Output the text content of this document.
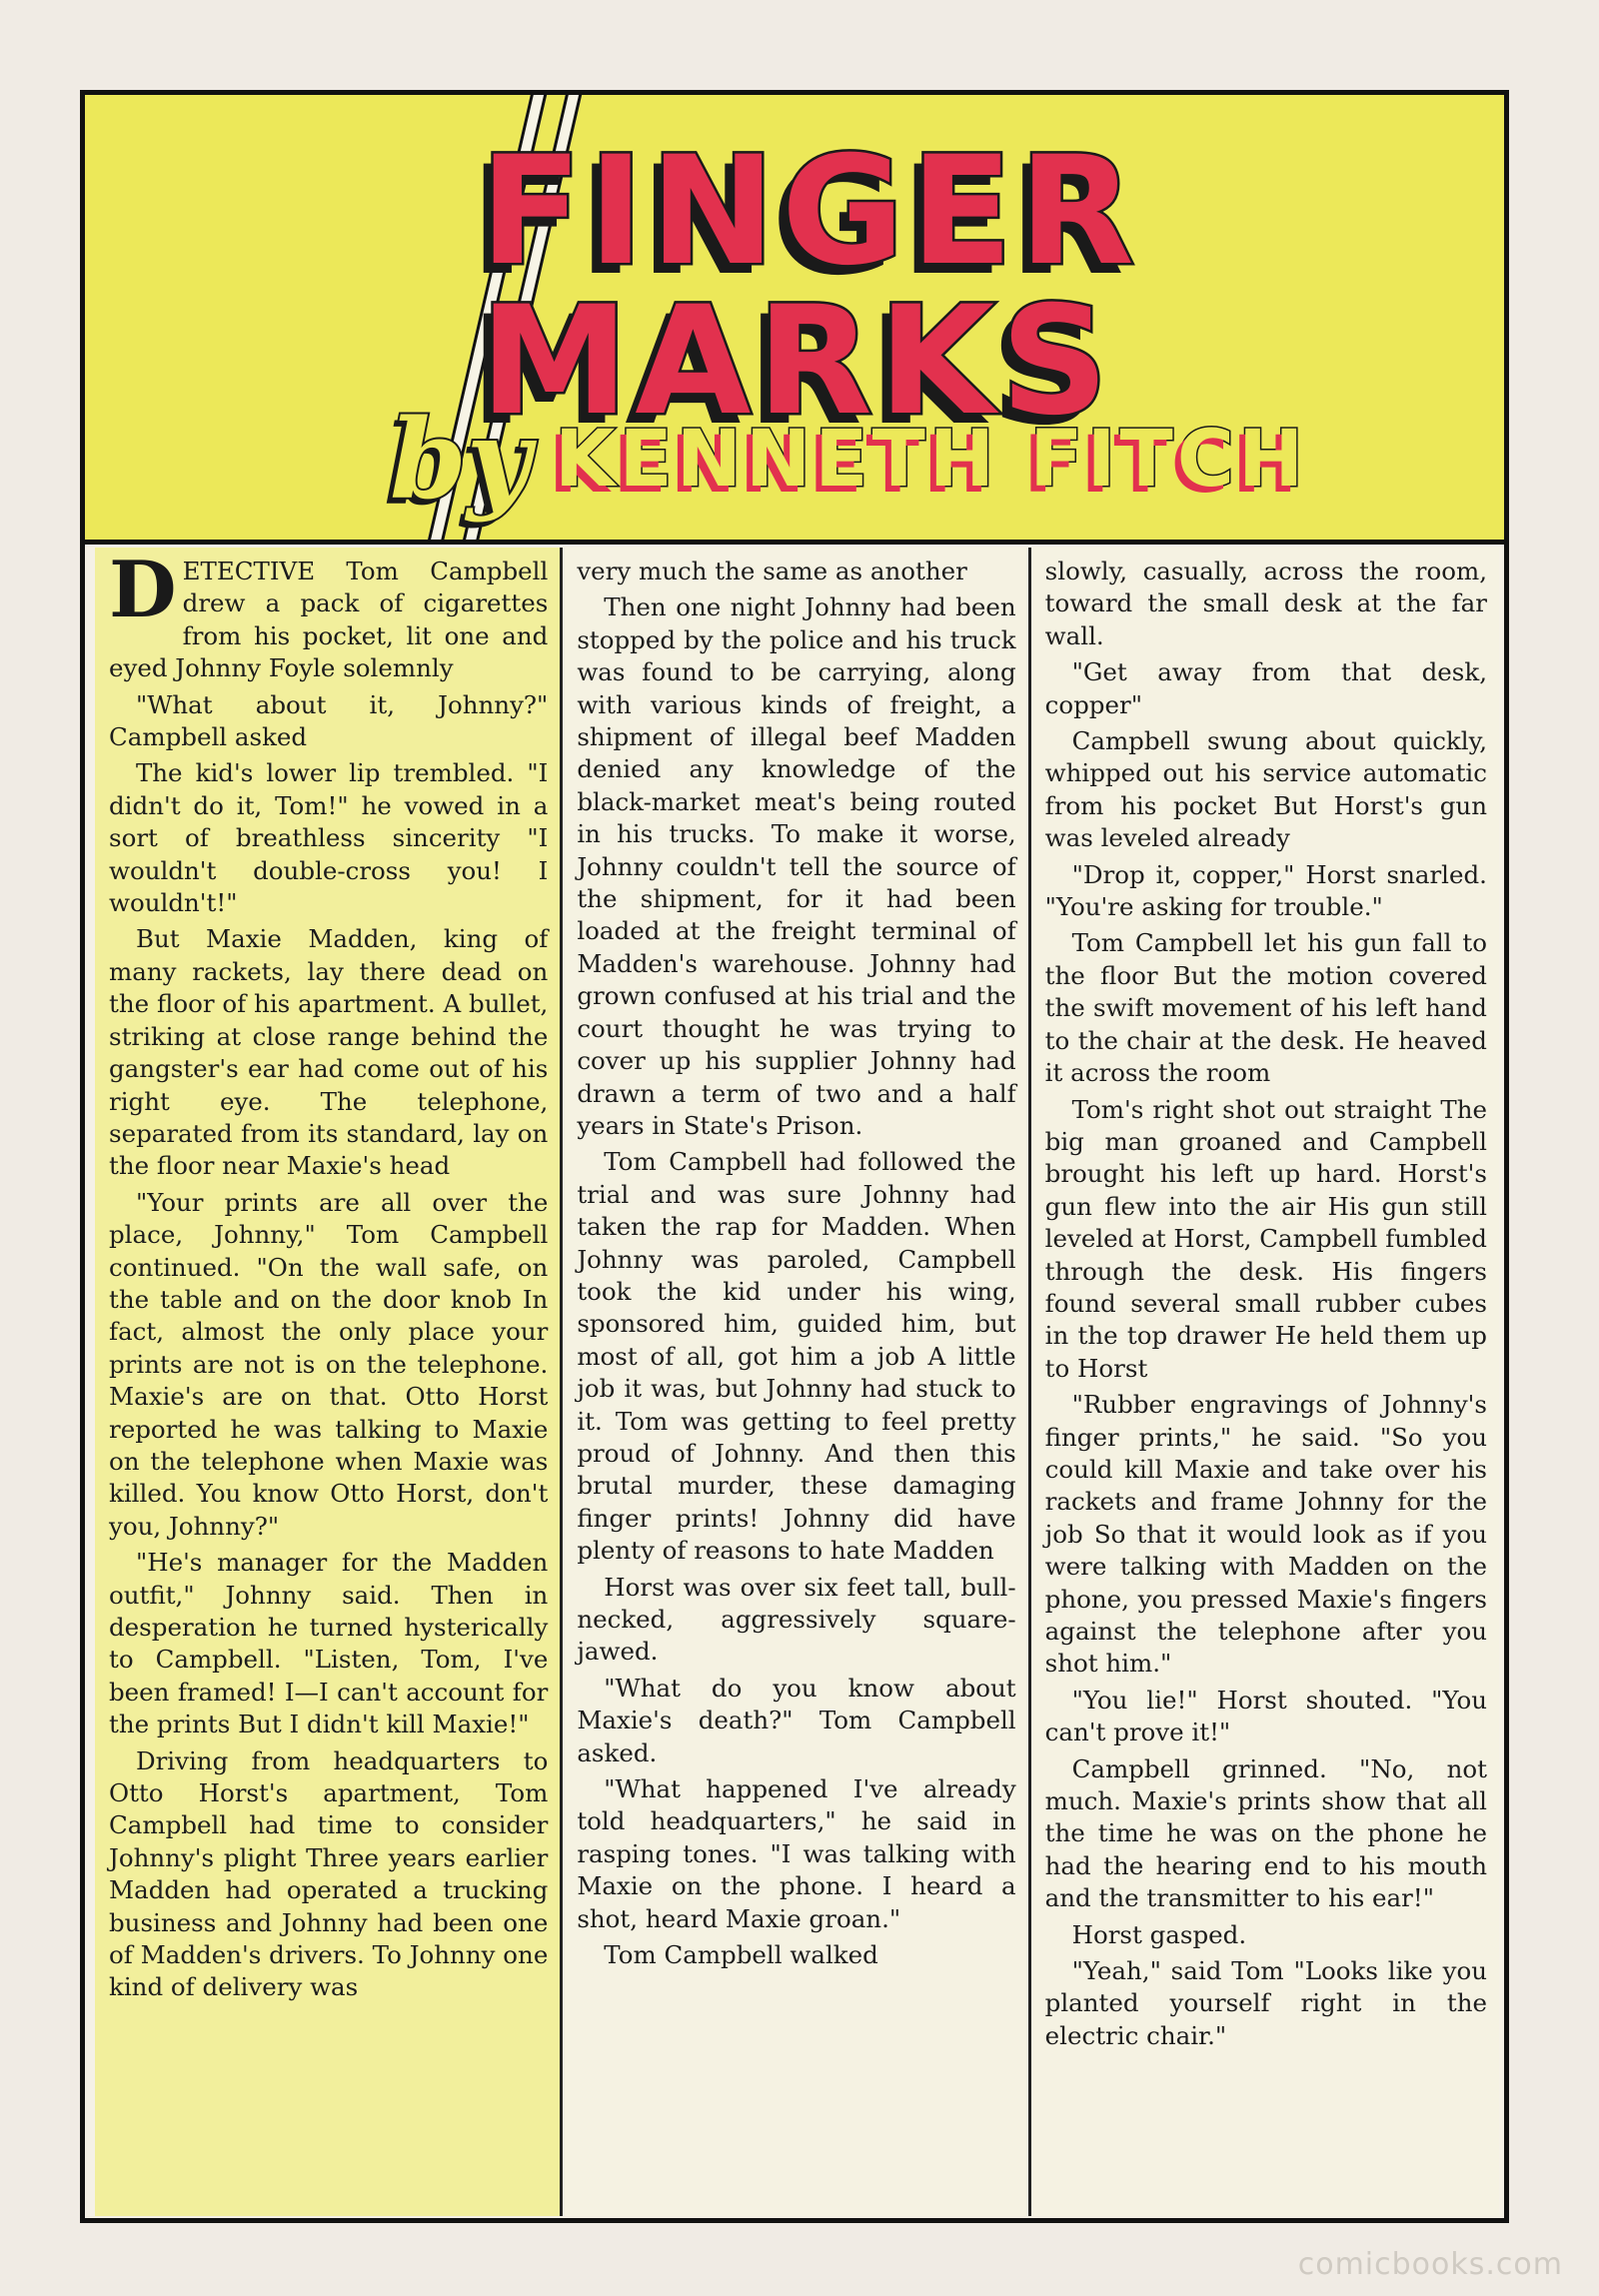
FINGER
MARKS
by KENNETH FITCH

DETECTIVE Tom Campbell drew a pack of cigarettes from his pocket, lit one and eyed Johnny Foyle solemnly

"What about it, Johnny?" Campbell asked

The kid's lower lip trembled. "I didn't do it, Tom!" he vowed in a sort of breathless sincerity "I wouldn't double-cross you! I wouldn't!"

But Maxie Madden, king of many rackets, lay there dead on the floor of his apartment. A bullet, striking at close range behind the gangster's ear had come out of his right eye. The telephone, separated from its standard, lay on the floor near Maxie's head

"Your prints are all over the place, Johnny," Tom Campbell continued. "On the wall safe, on the table and on the door knob In fact, almost the only place your prints are not is on the telephone. Maxie's are on that. Otto Horst reported he was talking to Maxie on the telephone when Maxie was killed. You know Otto Horst, don't you, Johnny?"

"He's manager for the Madden outfit," Johnny said. Then in desperation he turned hysterically to Campbell. "Listen, Tom, I've been framed! I—I can't account for the prints But I didn't kill Maxie!"

Driving from headquarters to Otto Horst's apartment, Tom Campbell had time to consider Johnny's plight Three years earlier Madden had operated a trucking business and Johnny had been one of Madden's drivers. To Johnny one kind of delivery was

very much the same as another

Then one night Johnny had been stopped by the police and his truck was found to be carrying, along with various kinds of freight, a shipment of illegal beef Madden denied any knowledge of the black-market meat's being routed in his trucks. To make it worse, Johnny couldn't tell the source of the shipment, for it had been loaded at the freight terminal of Madden's warehouse. Johnny had grown confused at his trial and the court thought he was trying to cover up his supplier Johnny had drawn a term of two and a half years in State's Prison.

Tom Campbell had followed the trial and was sure Johnny had taken the rap for Madden. When Johnny was paroled, Campbell took the kid under his wing, sponsored him, guided him, but most of all, got him a job A little job it was, but Johnny had stuck to it. Tom was getting to feel pretty proud of Johnny. And then this brutal murder, these damaging finger prints! Johnny did have plenty of reasons to hate Madden

Horst was over six feet tall, bull-necked, aggressively square-jawed.

"What do you know about Maxie's death?" Tom Campbell asked.

"What happened I've already told headquarters," he said in rasping tones. "I was talking with Maxie on the phone. I heard a shot, heard Maxie groan."

Tom Campbell walked

slowly, casually, across the room, toward the small desk at the far wall.

"Get away from that desk, copper"

Campbell swung about quickly, whipped out his service automatic from his pocket But Horst's gun was leveled already

"Drop it, copper," Horst snarled. "You're asking for trouble."

Tom Campbell let his gun fall to the floor But the motion covered the swift movement of his left hand to the chair at the desk. He heaved it across the room

Tom's right shot out straight The big man groaned and Campbell brought his left up hard. Horst's gun flew into the air His gun still leveled at Horst, Campbell fumbled through the desk. His fingers found several small rubber cubes in the top drawer He held them up to Horst

"Rubber engravings of Johnny's finger prints," he said. "So you could kill Maxie and take over his rackets and frame Johnny for the job So that it would look as if you were talking with Madden on the phone, you pressed Maxie's fingers against the telephone after you shot him."

"You lie!" Horst shouted. "You can't prove it!"

Campbell grinned. "No, not much. Maxie's prints show that all the time he was on the phone he had the hearing end to his mouth and the transmitter to his ear!"

Horst gasped.

"Yeah," said Tom "Looks like you planted yourself right in the electric chair."

comicbooks.com
